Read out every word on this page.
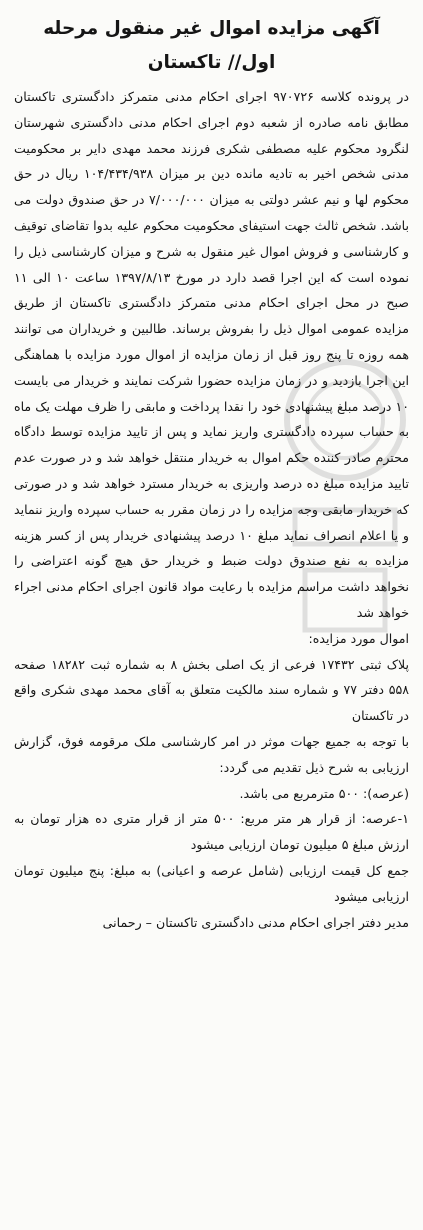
آگهی مزایده اموال غیر منقول مرحله
اول// تاکستان

در پرونده کلاسه ۹۷۰۷۲۶ اجرای احکام مدنی متمرکز دادگستری تاکستان مطابق نامه صادره از شعبه دوم اجرای احکام مدنی دادگستری شهرستان لنگرود محکوم علیه مصطفی شکری فرزند محمد مهدی دایر بر محکومیت مدنی شخص اخیر به تادیه مانده دین بر میزان ۱۰۴/۴۳۴/۹۳۸ ریال در حق محکوم لها و نیم عشر دولتی به میزان ۷/۰۰۰/۰۰۰ در حق صندوق دولت می باشد. شخص ثالث جهت استیفای محکومیت محکوم علیه بدوا تقاضای توقیف و کارشناسی و فروش اموال غیر منقول به شرح و میزان کارشناسی ذیل را نموده است که این اجرا قصد دارد در مورخ ۱۳۹۷/۸/۱۳ ساعت ۱۰ الی ۱۱ صبح در محل اجرای احکام مدنی متمرکز دادگستری تاکستان از طریق مزایده عمومی اموال ذیل را بفروش برساند. طالبین و خریداران می توانند همه روزه تا پنج روز قبل از زمان مزایده از اموال مورد مزایده با هماهنگی این اجرا بازدید و در زمان مزایده حضورا شرکت نمایند و خریدار می بایست ۱۰ درصد مبلغ پیشنهادی خود را نقدا پرداخت و مابقی را ظرف مهلت یک ماه به حساب سپرده دادگستری واریز نماید و پس از تایید مزایده توسط دادگاه محترم صادر کننده حکم اموال به خریدار منتقل خواهد شد و در صورت عدم تایید مزایده مبلغ ده درصد واریزی به خریدار مسترد خواهد شد و در صورتی که خریدار مابقی وجه مزایده را در زمان مقرر به حساب سپرده واریز ننماید و یا اعلام انصراف نماید مبلغ ۱۰ درصد پیشنهادی خریدار پس از کسر هزینه مزایده به نفع صندوق دولت ضبط و خریدار حق هیچ گونه اعتراضی را نخواهد داشت مراسم مزایده با رعایت مواد قانون اجرای احکام مدنی اجراء خواهد شد

اموال مورد مزایده:

پلاک ثبتی ۱۷۴۳۲ فرعی از یک اصلی بخش ۸ به شماره ثبت ۱۸۲۸۲ صفحه ۵۵۸ دفتر ۷۷ و شماره سند مالکیت متعلق به آقای محمد مهدی شکری واقع در تاکستان

با توجه به جمیع جهات موثر در امر کارشناسی ملک مرقومه فوق، گزارش ارزیابی به شرح ذیل تقدیم می گردد:

(عرصه): ۵۰۰ مترمربع می باشد.

۱-عرصه: از قرار هر متر مربع: ۵۰۰ متر از قرار متری ده هزار تومان به ارزش مبلغ ۵ میلیون تومان ارزیابی میشود

جمع کل قیمت ارزیابی (شامل عرصه و اعیانی) به مبلغ: پنج میلیون تومان ارزیابی میشود

مدیر دفتر اجرای احکام مدنی دادگستری تاکستان – رحمانی
